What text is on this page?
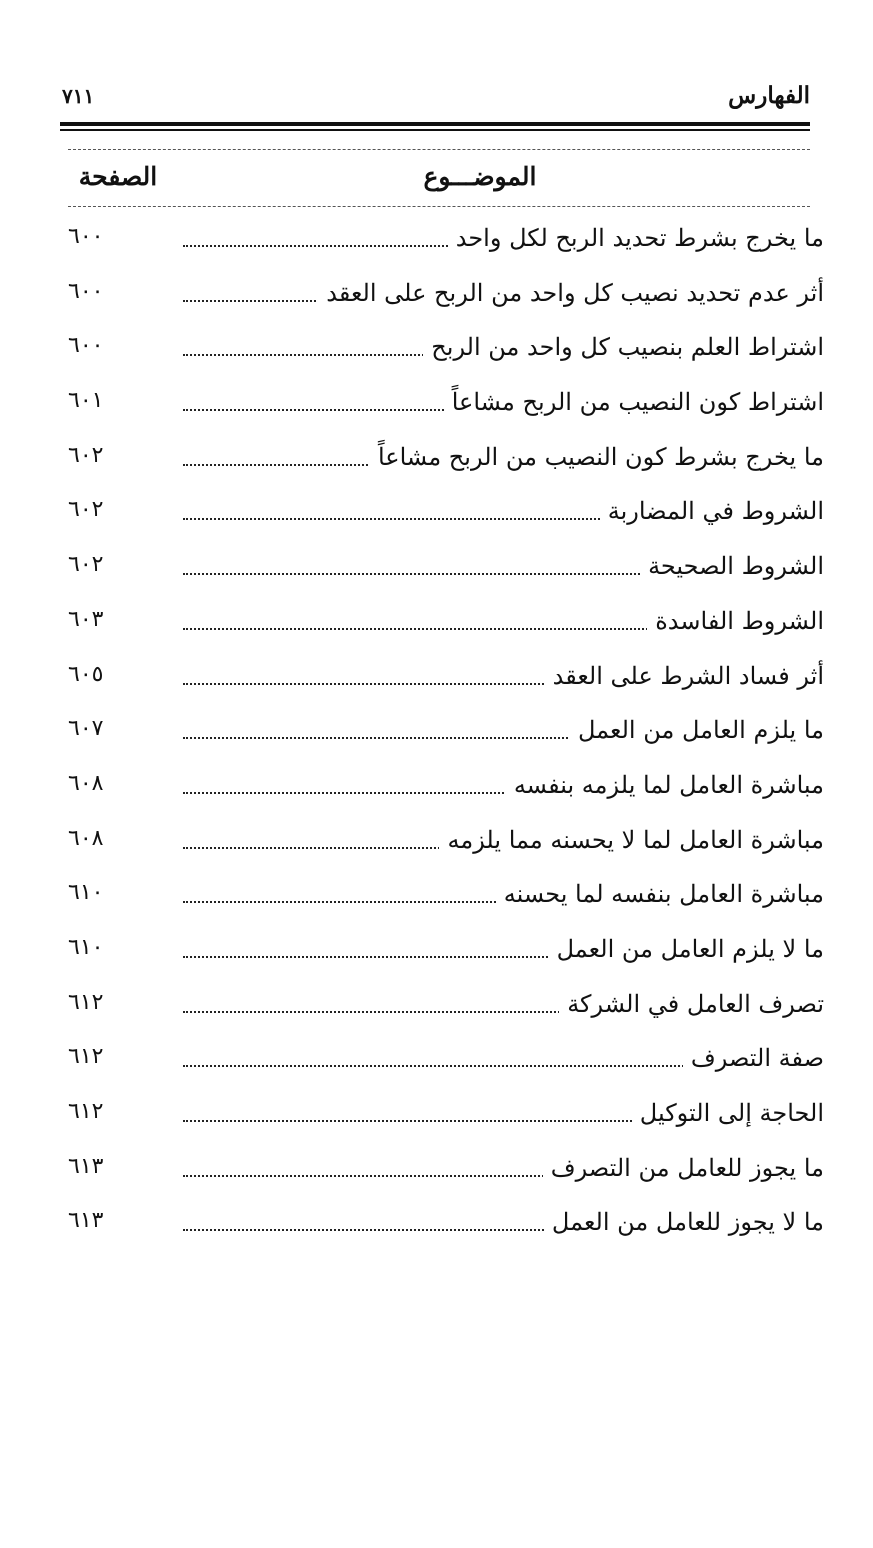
الفهارس
٧١١
الموضـــوع
الصفحة
ما يخرج بشرط تحديد الربح لكل واحد
٦٠٠
أثر عدم تحديد نصيب كل واحد من الربح على العقد
٦٠٠
اشتراط العلم بنصيب كل واحد من الربح
٦٠٠
اشتراط كون النصيب من الربح مشاعاً
٦٠١
ما يخرج بشرط كون النصيب من الربح مشاعاً
٦٠٢
الشروط في المضاربة
٦٠٢
الشروط الصحيحة
٦٠٢
الشروط الفاسدة
٦٠٣
أثر فساد الشرط على العقد
٦٠٥
ما يلزم العامل من العمل
٦٠٧
مباشرة العامل لما يلزمه بنفسه
٦٠٨
مباشرة العامل لما لا يحسنه مما يلزمه
٦٠٨
مباشرة العامل بنفسه لما يحسنه
٦١٠
ما لا يلزم العامل من العمل
٦١٠
تصرف العامل في الشركة
٦١٢
صفة التصرف
٦١٢
الحاجة إلى التوكيل
٦١٢
ما يجوز للعامل من التصرف
٦١٣
ما لا يجوز للعامل من العمل
٦١٣
